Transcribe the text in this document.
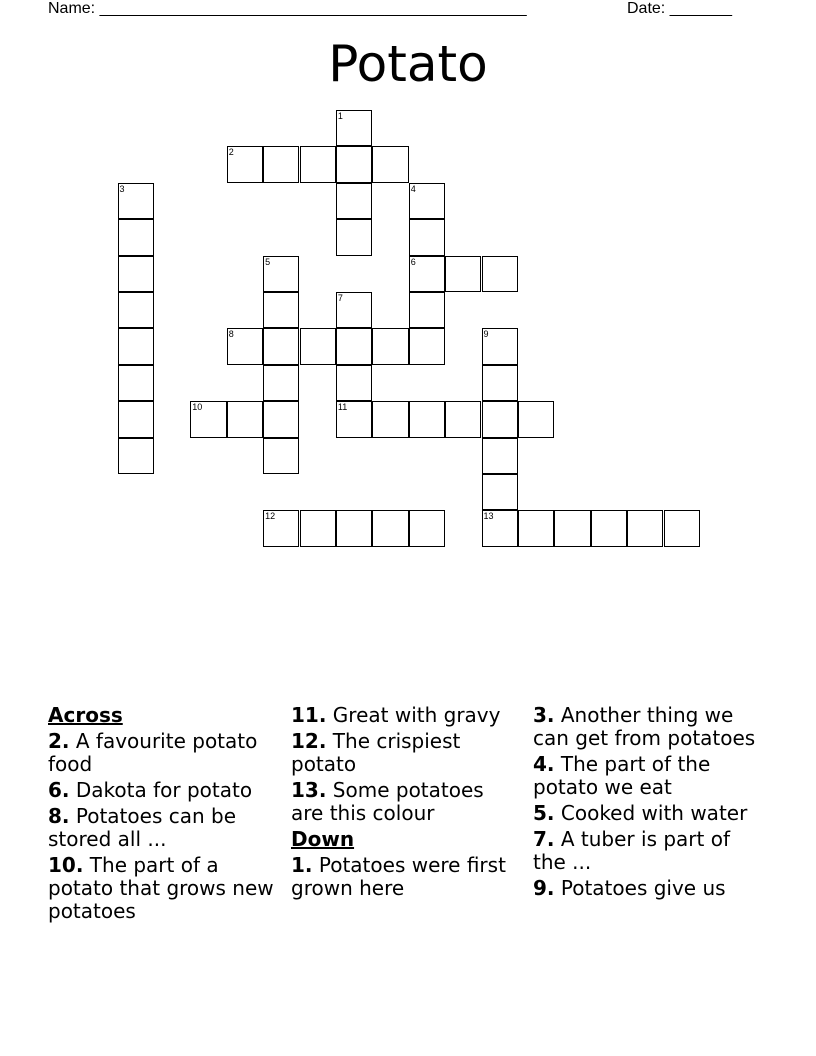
Name: ________________________________________________	Date: _______
Potato
1
2
3	4
6
5
7
11
8	9
13
10
12
Across
2. A favourite potato food
6. Dakota for potato
8. Potatoes can be stored all ...
10. The part of a potato that grows new potatoes
11. Great with gravy
12. The crispiest potato
13. Some potatoes are this colour
Down
1. Potatoes were first grown here
3. Another thing we can get from potatoes
4. The part of the potato we eat
5. Cooked with water
7. A tuber is part of the ...
9. Potatoes give us
